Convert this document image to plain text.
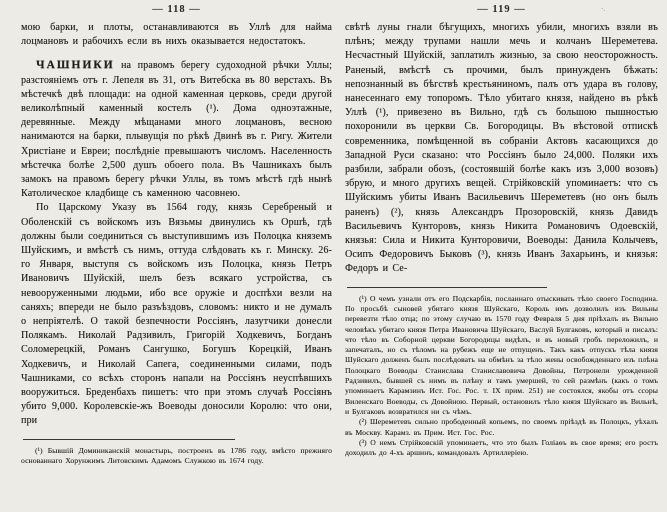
— 118 —

мою барки, и плоты, останавливаются въ Уллѣ для найма лоцмановъ и рабочихъ если въ нихъ оказывается недостатокъ.

ЧАШНИКИ на правомъ берегу судоходной рѣчки Уллы; разстояніемъ отъ г. Лепеля въ 31, отъ Витебска въ 80 верстахъ. Въ мѣстечкѣ двѣ площади: на одной каменная церковь, среди другой великолѣпный каменный костелъ (¹). Дома одноэтажные, деревянные. Между мѣщанами много лоцмановъ, весною нанимаются на барки, плывущія по рѣкѣ Двинѣ въ г. Ригу. Жители Христіане и Евреи; послѣдніе превышаютъ числомъ. Населенность мѣстечка болѣе 2,500 душъ обоего пола. Въ Чашникахъ былъ замокъ на правомъ берегу рѣчки Уллы, въ томъ мѣстѣ гдѣ нынѣ Католическое кладбище съ каменною часовнею.

По Царскому Указу въ 1564 году, князь Серебреный и Оболенскій съ войскомъ изъ Вязьмы двинулись къ Оршѣ, гдѣ должны были соединиться съ выступившимъ изъ Полоцка княземъ Шуйскимъ, и вмѣстѣ съ нимъ, оттуда слѣдовать къ г. Минску. 26-го Января, выступя съ войскомъ изъ Полоцка, князь Петръ Ивановичъ Шуйскій, шелъ безъ всякаго устройства, съ невооруженными людьми, ибо все оружіе и доспѣхи везли на саняхъ; впереди не было разъѣздовъ, словомъ: никто и не думалъ о непріятелѣ. О такой безпечности Россіянъ, лазутчики донесли Полякамъ. Николай Радзивилъ, Григорій Ходкевичъ, Богданъ Соломерецкій, Романъ Сангушко, Богушъ Корецкій, Иванъ Ходкевичъ, и Николай Сапега, соединенными силами, подъ Чашниками, со всѣхъ сторонъ напали на Россіянъ неуспѣвшихъ вооружиться. Бреденбахъ пишетъ: что при этомъ случаѣ Россіянъ убито 9,000. Королевскіе-жъ Воеводы доносили Королю: что они, при

(¹) Бывшій Доминиканскій монастырь, построенъ въ 1786 году, вмѣсто прежняго основаннаго Хорунжимъ Литовскимъ Адамомъ Служкою въ 1674 году.

— 119 —

свѣтѣ луны гнали бѣгущихъ, многихъ убили, многихъ взяли въ плѣнъ; между трупами нашли мечь и колчанъ Шереметева. Несчастный Шуйскій, заплатилъ жизнью, за свою неосторожность. Раненый, вмѣстѣ съ прочими, былъ принужденъ бѣжать: непознанный въ бѣгствѣ крестьяниномъ, палъ отъ удара въ голову, нанесеннаго ему топоромъ. Тѣло убитаго князя, найдено въ рѣкѣ Уллѣ (¹), привезено въ Вильно, гдѣ съ большою пышностью похоронили въ церкви Св. Богородицы. Въ вѣстовой отпискѣ современника, помѣщенной въ собраніи Актовъ касающихся до Западной Руси сказано: что Россіянъ было 24,000. Поляки ихъ разбили, забрали обозъ, (состоявшій болѣе какъ изъ 3,000 возовъ) збрую, и много другихъ вещей. Стрійковскій упоминаетъ: что съ Шуйскимъ убиты Иванъ Васильевичъ Шереметевъ (но онъ былъ раненъ) (²), князь Александръ Прозоровскій, князь Давидъ Васильевичъ Кунторовъ, князь Никита Романовичъ Одоевскій, князья: Сила и Никита Кунторовичи, Воеводы: Данила Колычевъ, Осипъ Федоровичъ Быковъ (³), князь Иванъ Захарьинъ, и князья: Федоръ и Се-

(¹) О чемъ узнали отъ его Подскарбія, посланнаго отыскивать тѣло своего Господина. По просьбѣ сыновей убитаго князя Шуйскаго, Король имъ дозволилъ изъ Вильны перевезти тѣло отца; по этому случаю въ 1570 году Февраля 5 дня пріѣхалъ въ Вильно человѣкъ убитаго князя Петра Ивановича Шуйскаго, Васлуй Булгаковъ, который и писалъ: что тѣло въ Соборной церкви Богородицы видѣлъ, и въ новый гробъ переложилъ, и запечаталъ, но съ тѣломъ на рубежъ еще не отпущенъ. Такъ какъ отпускъ тѣла князя Шуйскаго долженъ былъ послѣдовать на обмѣнъ за тѣло жены освобожденнаго изъ плѣна Полоцкаго Воеводы Станислава Станиславовича Довойны, Петронели урожденной Радзивилъ, бывшей съ нимъ въ плѣну и тамъ умершей, то сей размѣнъ (какъ о томъ упоминаетъ Карамзинъ Ист. Гос. Рос. т. IX прим. 251) не состоялся, якобы отъ ссоры Виленскаго Воеводы, съ Довойною. Первый, остановилъ тѣло князя Шуйскаго въ Вильнѣ, и Булгаковъ возвратился ни съ чѣмъ.

(²) Шереметевъ сильно прободенный копьемъ, по своемъ пріѣздѣ въ Полоцкъ, уѣхалъ въ Москву. Карамз. въ Прим. Ист. Гос. Рос.

(³) О немъ Стрійковскій упоминаетъ, что это былъ Голіаѳъ въ свое время; его ростъ доходилъ до 4-хъ аршинъ, командовалъ Артиллеріею.

·.
